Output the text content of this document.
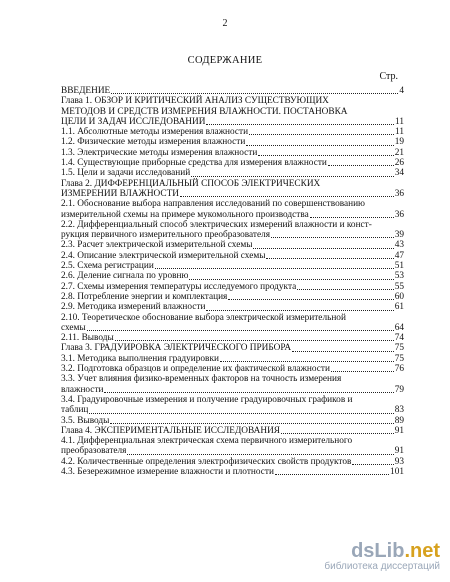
2
СОДЕРЖАНИЕ
Стр.
ВВЕДЕНИЕ	4
Глава 1. ОБЗОР И КРИТИЧЕСКИЙ АНАЛИЗ СУЩЕСТВУЮЩИХ
МЕТОДОВ И СРЕДСТВ ИЗМЕРЕНИЯ ВЛАЖНОСТИ. ПОСТАНОВКА
ЦЕЛИ И ЗАДАЧ ИССЛЕДОВАНИЙ	11
1.1. Абсолютные методы измерения влажности	11
1.2. Физические методы измерения влажности	19
1.3. Электрические методы измерения влажности	21
1.4. Существующие приборные средства для измерения влажности	26
1.5. Цели и задачи исследований	34
Глава 2. ДИФФЕРЕНЦИАЛЬНЫЙ СПОСОБ ЭЛЕКТРИЧЕСКИХ
ИЗМЕРЕНИЙ ВЛАЖНОСТИ	36
2.1. Обоснование выбора направления исследований по совершенствованию
измерительной схемы на примере мукомольного производства	36
2.2. Дифференциальный способ электрических измерений влажности и конст-
рукция первичного измерительного преобразователя	39
2.3. Расчет электрической измерительной схемы	43
2.4. Описание электрической измерительной схемы	47
2.5. Схема регистрации	51
2.6. Деление сигнала по уровню	53
2.7. Схемы измерения температуры исследуемого продукта	55
2.8. Потребление энергии и комплектация	60
2.9. Методика измерений влажности	61
2.10. Теоретическое обоснование выбора электрической измерительной
схемы	64
2.11. Выводы	74
Глава 3. ГРАДУИРОВКА ЭЛЕКТРИЧЕСКОГО ПРИБОРА	75
3.1. Методика выполнения градуировки	75
3.2. Подготовка образцов и определение их фактической влажности	76
3.3. Учет влияния физико-временных факторов на точность измерения
влажности	79
3.4. Градуировочные измерения и получение градуировочных графиков и
таблиц	83
3.5. Выводы	89
Глава 4. ЭКСПЕРИМЕНТАЛЬНЫЕ ИССЛЕДОВАНИЯ	91
4.1. Дифференциальная электрическая схема первичного измерительного
преобразователя	91
4.2. Количественные определения электрофизических свойств продуктов	93
4.3. Безережимное измерение влажности и плотности	101
dsLib.net
библиотека диссертаций
